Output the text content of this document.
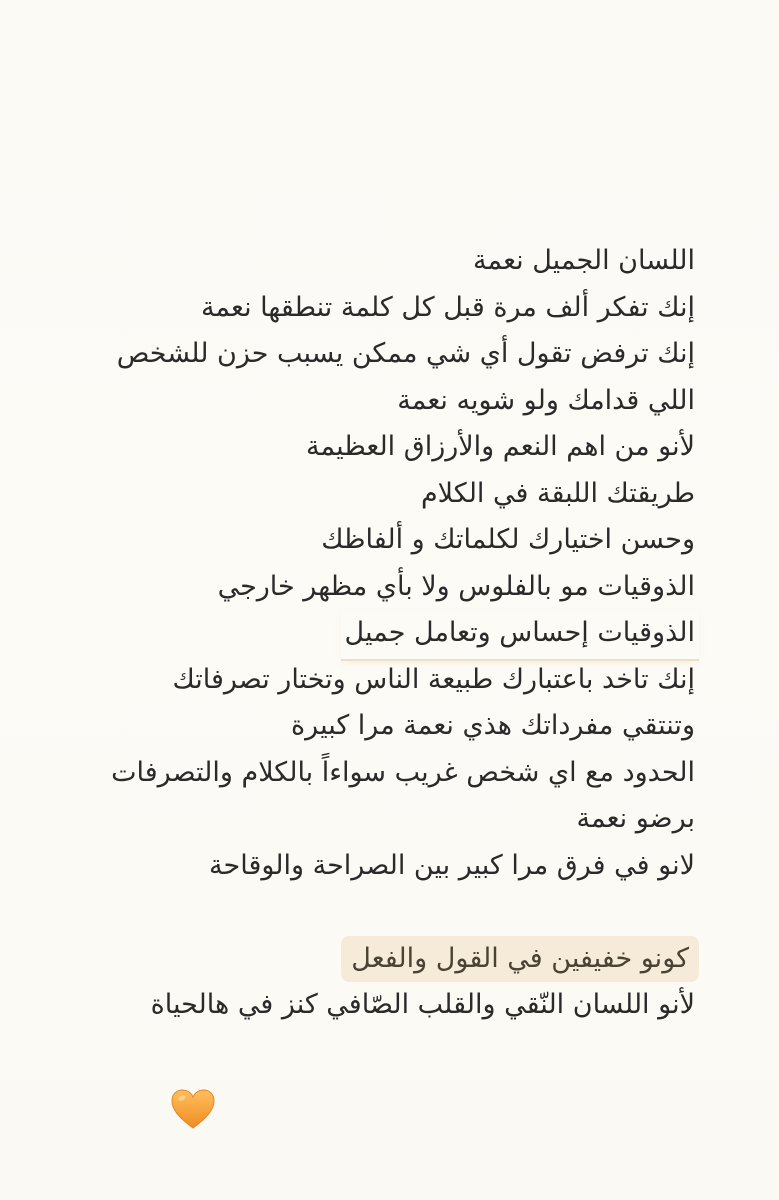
اللسان الجميل نعمة
إنك تفكر ألف مرة قبل كل كلمة تنطقها نعمة
إنك ترفض تقول أي شي ممكن يسبب حزن للشخص
اللي قدامك ولو شويه نعمة
لأنو من اهم النعم والأرزاق العظيمة
طريقتك اللبقة في الكلام
وحسن اختيارك لكلماتك و ألفاظك
الذوقيات مو بالفلوس ولا بأي مظهر خارجي
الذوقيات إحساس وتعامل جميل
إنك تاخد باعتبارك طبيعة الناس وتختار تصرفاتك
وتنتقي مفرداتك هذي نعمة مرا كبيرة
الحدود مع اي شخص غريب سواءاً بالكلام والتصرفات
برضو نعمة
لانو في فرق مرا كبير بين الصراحة والوقاحة
كونو خفيفين في القول والفعل
لأنو اللسان النّقي والقلب الصّافي كنز في هالحياة
